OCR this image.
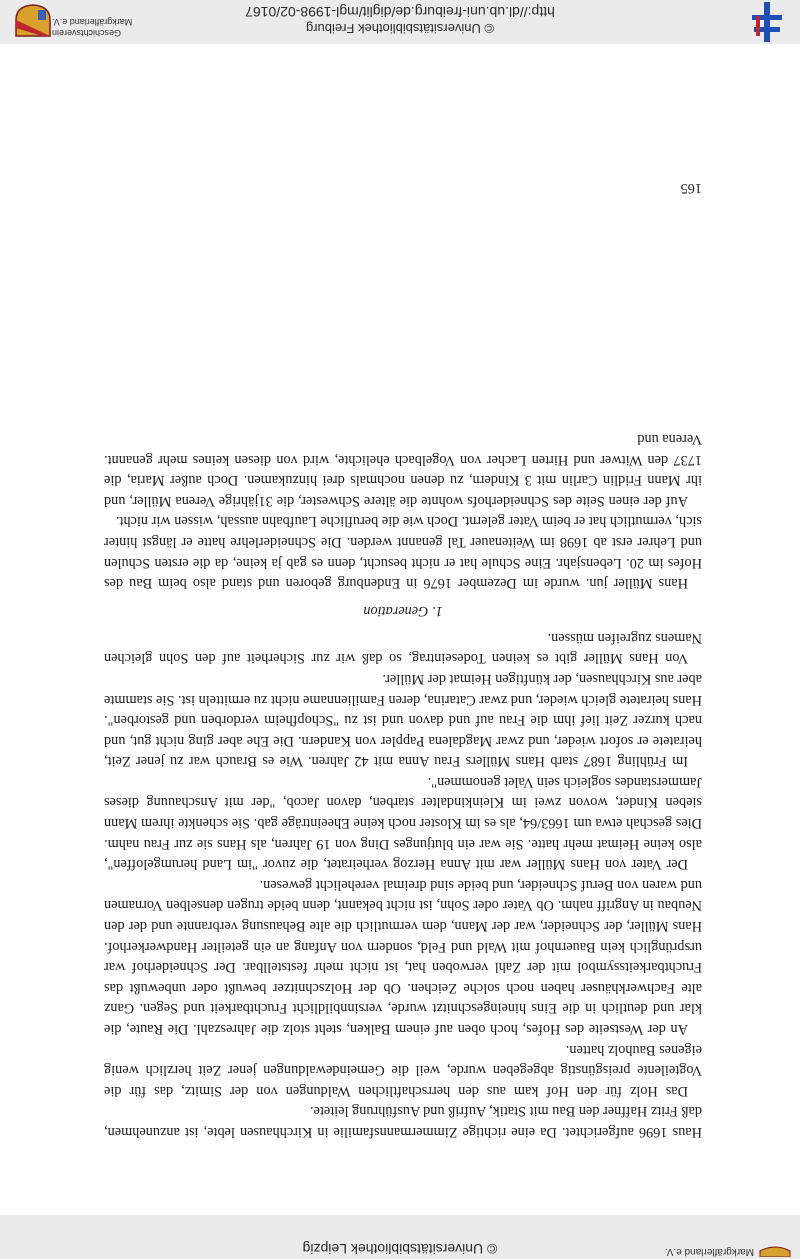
Markgräflerland e.V.
© Universitätsbibliothek Leipzig

Haus 1696 aufgerichtet. Da eine richtige Zimmermannsfamilie in Kirchhausen lebte, ist anzunehmen, daß Fritz Haffner den Bau mit Statik, Aufriß und Ausführung leitete.

Das Holz für den Hof kam aus den herrschaftlichen Waldungen von der Simitz, das für die Vogteilente preisgünstig abgegeben wurde, weil die Gemeindewaldungen jener Zeit herzlich wenig eigenes Bauholz hatten.

An der Westseite des Hofes, hoch oben auf einem Balken, steht stolz die Jahreszahl. Die Raute, die klar und deutlich in die Eins hineingeschnitzt wurde, versinnbildlicht Fruchtbarkeit und Segen. Ganz alte Fachwerkhäuser haben noch solche Zeichen. Ob der Holzschnitzer bewußt oder unbewußt das Fruchtbarkeitssymbol mit der Zahl verwoben hat, ist nicht mehr feststellbar. Der Schneiderhof war ursprünglich kein Bauernhof mit Wald und Feld, sondern von Anfang an ein geteilter Handwerkerhof. Hans Müller, der Schneider, war der Mann, dem vermutlich die alte Behausung verbrannte und der den Neubau in Angriff nahm. Ob Vater oder Sohn, ist nicht bekannt, denn beide trugen denselben Vornamen und waren von Beruf Schneider, und beide sind dreimal verehelicht gewesen.

Der Vater von Hans Müller war mit Anna Herzog verheiratet, die zuvor "im Land herumgeloffen", also keine Heimat mehr hatte. Sie war ein blutjunges Ding von 19 Jahren, als Hans sie zur Frau nahm. Dies geschah etwa um 1663/64, als es im Kloster noch keine Eheeinträge gab. Sie schenkte ihrem Mann sieben Kinder, wovon zwei im Kleinkindalter starben, davon Jacob, "der mit Anschauung dieses Jammerstandes sogleich sein Valet genommen".

Im Frühling 1687 starb Hans Müllers Frau Anna mit 42 Jahren. Wie es Brauch war zu jener Zeit, heiratete er sofort wieder, und zwar Magdalena Pappler von Kandern. Die Ehe aber ging nicht gut, und nach kurzer Zeit lief ihm die Frau auf und davon und ist zu "Schopfheim verdorben und gestorben". Hans heiratete gleich wieder, und zwar Catarina, deren Familienname nicht zu ermitteln ist. Sie stammte aber aus Kirchhausen, der künftigen Heimat der Müller.

Von Hans Müller gibt es keinen Todeseintrag, so daß wir zur Sicherheit auf den Sohn gleichen Namens zugreifen müssen.

1. Generation

Hans Müller jun. wurde im Dezember 1676 in Endenburg geboren und stand also beim Bau des Hofes im 20. Lebensjahr. Eine Schule hat er nicht besucht, denn es gab ja keine, da die ersten Schulen und Lehrer erst ab 1698 im Weitenauer Tal genannt werden. Die Schneiderlehre hatte er längst hinter sich, vermutlich hat er beim Vater gelernt. Doch wie die berufliche Laufbahn aussah, wissen wir nicht.

Auf der einen Seite des Schneiderhofs wohnte die ältere Schwester, die 31jährige Verena Müller, und ihr Mann Fridlin Carlin mit 3 Kindern, zu denen nochmals drei hinzukamen. Doch außer Maria, die 1737 den Witwer und Hirten Lacher von Vogelbach ehelichte, wird von diesen keines mehr genannt. Verena und

165
© Universitätsbibliothek Freiburg
http://dl.ub.uni-freiburg.de/diglit/mgl-1998-02/0167
Geschichtsverein
Markgräflerland e.V.
